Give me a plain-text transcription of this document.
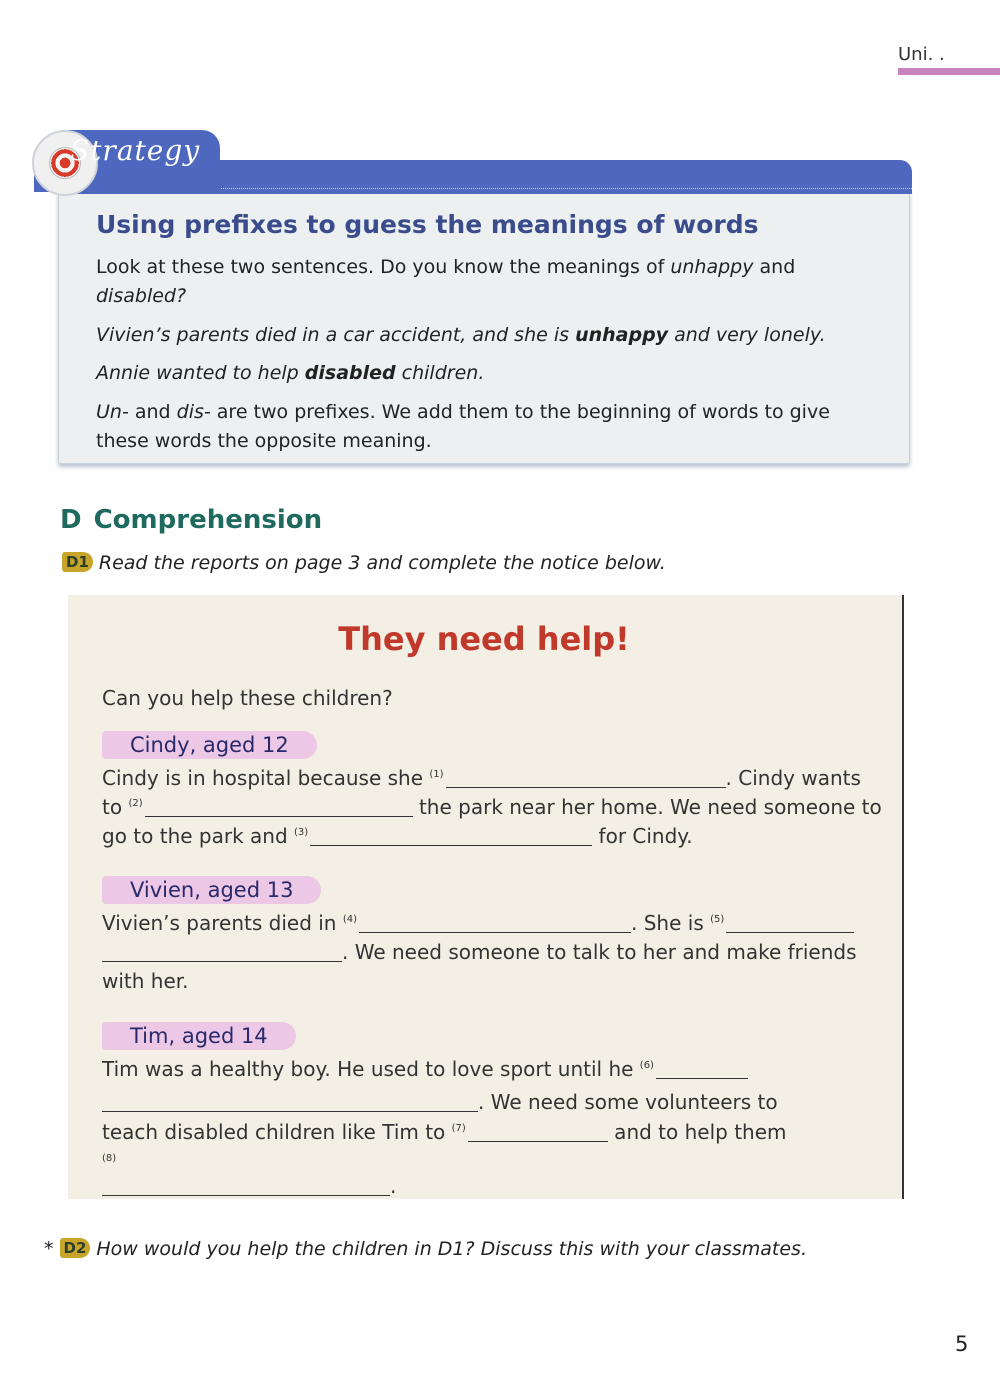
Uni. .
Strategy
Using prefixes to guess the meanings of words
Look at these two sentences. Do you know the meanings of unhappy and
disabled?
Vivien’s parents died in a car accident, and she is unhappy and very lonely.
Annie wanted to help disabled children.
Un- and dis- are two prefixes. We add them to the beginning of words to give
these words the opposite meaning.
D Comprehension
D1 Read the reports on page 3 and complete the notice below.
They need help!
Can you help these children?
Cindy, aged 12
Cindy is in hospital because she $^{(1)}$	. Cindy wants
to $^{(2)}$	the park near her home. We need someone to
go to the park and $^{(3)}$	for Cindy.
Vivien, aged 13
Vivien’s parents died in $^{(4)}$	. She is $^{(5)}$
. We need someone to talk to her and make friends
with her.
Tim, aged 14
Tim was a healthy boy. He used to love sport until he $^{(6)}$
. We need some volunteers to
teach disabled children like Tim to $^{(7)}$	and to help them
$^{(8)}$
.
* D2 How would you help the children in D1? Discuss this with your classmates.
5
